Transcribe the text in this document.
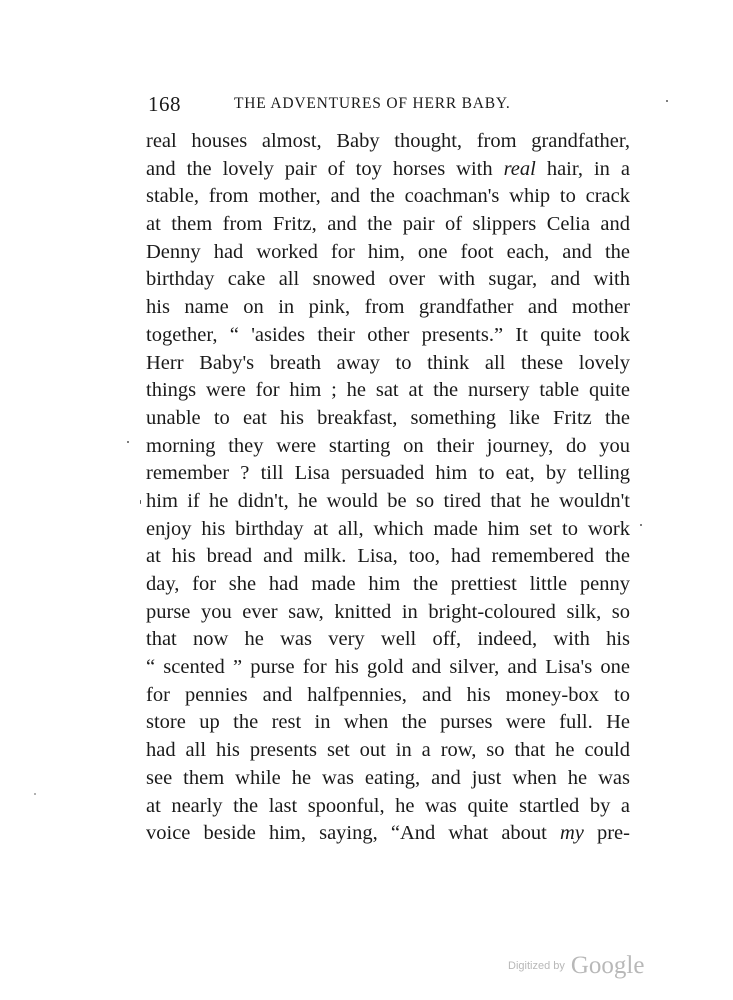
168	THE ADVENTURES OF HERR BABY.
real houses almost, Baby thought, from grandfather,
and the lovely pair of toy horses with real hair, in a
stable, from mother, and the coachman's whip to crack
at them from Fritz, and the pair of slippers Celia and
Denny had worked for him, one foot each, and the
birthday cake all snowed over with sugar, and with
his name on in pink, from grandfather and mother
together, “ 'asides their other presents.” It quite took
Herr Baby's breath away to think all these lovely
things were for him ; he sat at the nursery table quite
unable to eat his breakfast, something like Fritz the
morning they were starting on their journey, do you
remember ? till Lisa persuaded him to eat, by telling
him if he didn't, he would be so tired that he wouldn't
enjoy his birthday at all, which made him set to work
at his bread and milk. Lisa, too, had remembered the
day, for she had made him the prettiest little penny
purse you ever saw, knitted in bright-coloured silk, so
that now he was very well off, indeed, with his
“ scented ” purse for his gold and silver, and Lisa's one
for pennies and halfpennies, and his money-box to
store up the rest in when the purses were full. He
had all his presents set out in a row, so that he could
see them while he was eating, and just when he was
at nearly the last spoonful, he was quite startled by a
voice beside him, saying, “And what about my pre-
Digitized by Google
